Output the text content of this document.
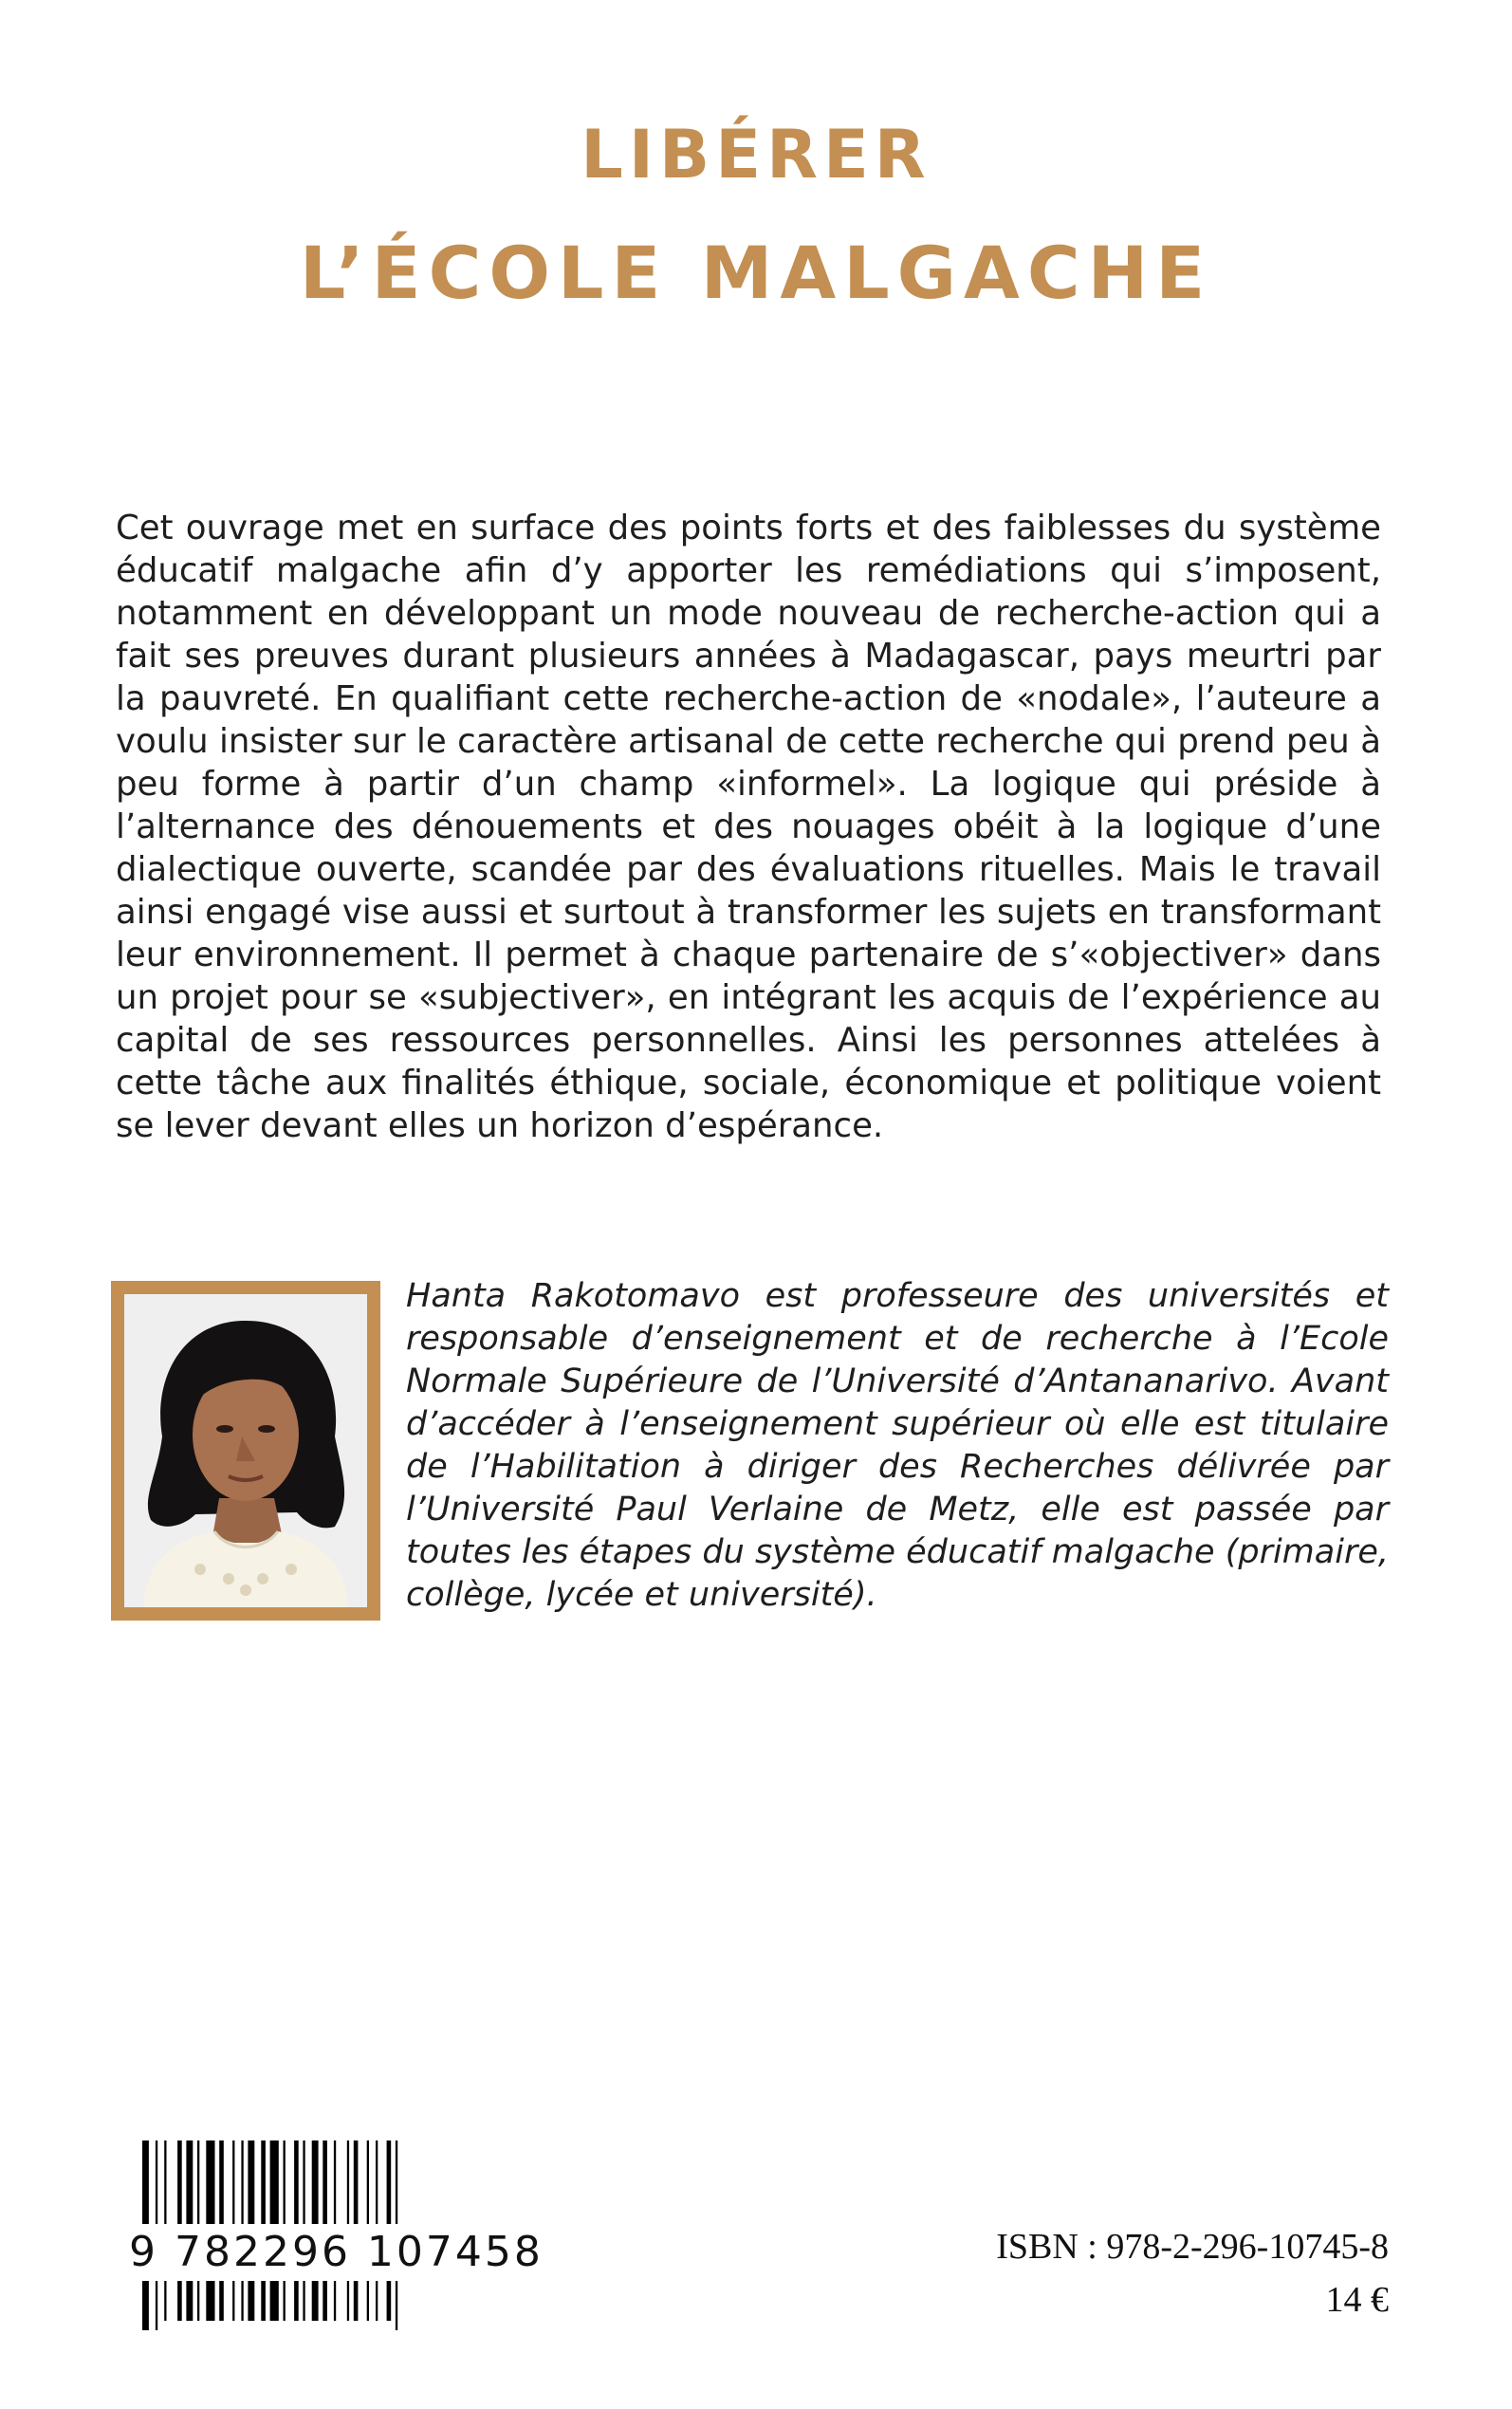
LIBÉRER
L’ÉCOLE MALGACHE

Cet ouvrage met en surface des points forts et des faiblesses du système éducatif malgache afin d’y apporter les remédiations qui s’imposent, notamment en développant un mode nouveau de recherche-action qui a fait ses preuves durant plusieurs années à Madagascar, pays meurtri par la pauvreté. En qualifiant cette recherche-action de «nodale», l’auteure a voulu insister sur le caractère artisanal de cette recherche qui prend peu à peu forme à partir d’un champ «informel». La logique qui préside à l’alternance des dénouements et des nouages obéit à la logique d’une dialectique ouverte, scandée par des évaluations rituelles. Mais le travail ainsi engagé vise aussi et surtout à transformer les sujets en transformant leur environnement. Il permet à chaque partenaire de s’«objectiver» dans un projet pour se «subjectiver», en intégrant les acquis de l’expérience au capital de ses ressources personnelles. Ainsi les personnes attelées à cette tâche aux finalités éthique, sociale, économique et politique voient se lever devant elles un horizon d’espérance.

Hanta Rakotomavo est professeure des universités et responsable d’enseignement et de recherche à l’Ecole Normale Supérieure de l’Université d’Antananarivo. Avant d’accéder à l’enseignement supérieur où elle est titulaire de l’Habilitation à diriger des Recherches délivrée par l’Université Paul Verlaine de Metz, elle est passée par toutes les étapes du système éducatif malgache (primaire, collège, lycée et université).

9 782296 107458	ISBN : 978-2-296-10745-8

14 €
